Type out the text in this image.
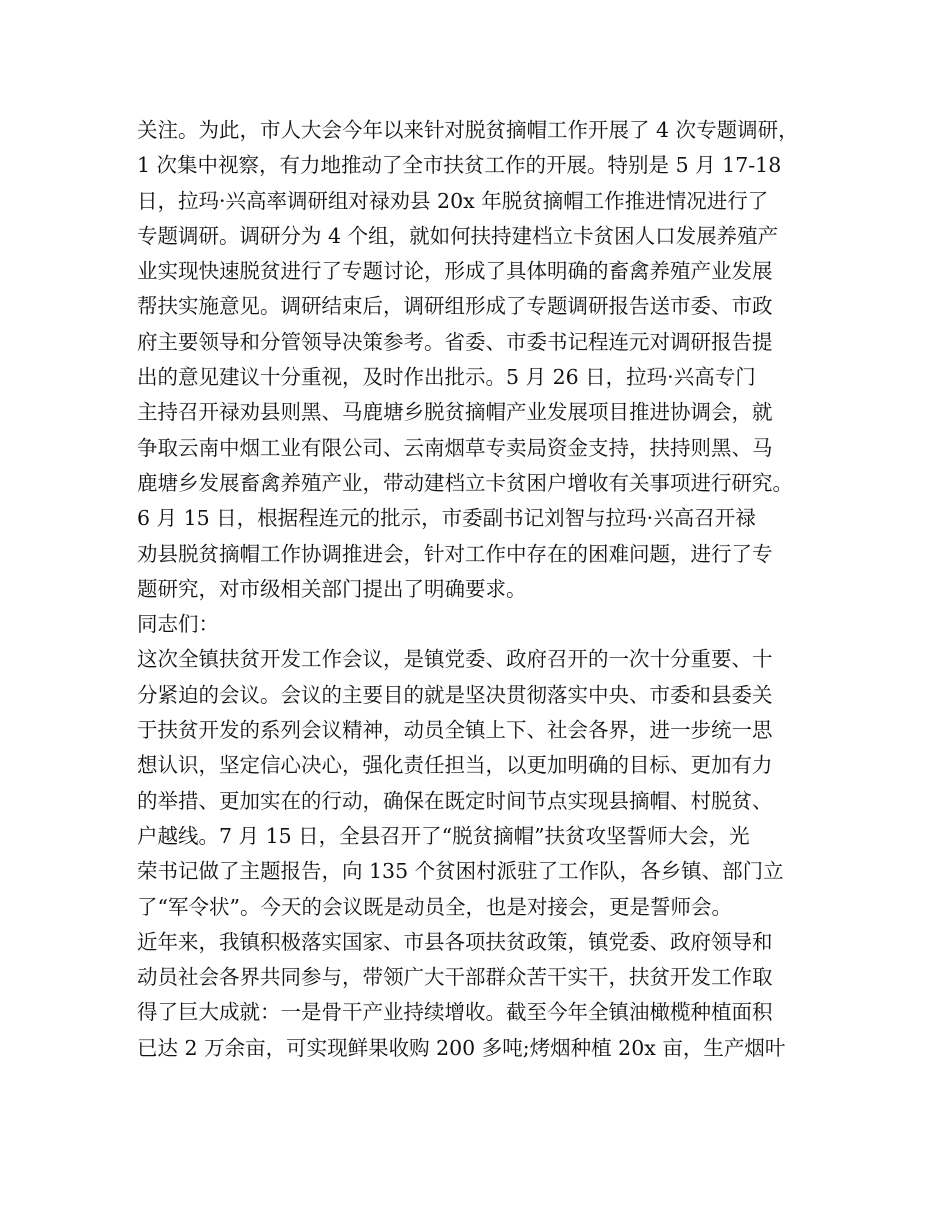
关注。为此，市人大会今年以来针对脱贫摘帽工作开展了 4 次专题调研，
1 次集中视察，有力地推动了全市扶贫工作的开展。特别是 5 月 17-18
日，拉玛·兴高率调研组对禄劝县 20x 年脱贫摘帽工作推进情况进行了
专题调研。调研分为 4 个组，就如何扶持建档立卡贫困人口发展养殖产
业实现快速脱贫进行了专题讨论，形成了具体明确的畜禽养殖产业发展
帮扶实施意见。调研结束后，调研组形成了专题调研报告送市委、市政
府主要领导和分管领导决策参考。省委、市委书记程连元对调研报告提
出的意见建议十分重视，及时作出批示。5 月 26 日，拉玛·兴高专门
主持召开禄劝县则黑、马鹿塘乡脱贫摘帽产业发展项目推进协调会，就
争取云南中烟工业有限公司、云南烟草专卖局资金支持，扶持则黑、马
鹿塘乡发展畜禽养殖产业，带动建档立卡贫困户增收有关事项进行研究。
6 月 15 日，根据程连元的批示，市委副书记刘智与拉玛·兴高召开禄
劝县脱贫摘帽工作协调推进会，针对工作中存在的困难问题，进行了专
题研究，对市级相关部门提出了明确要求。
同志们：
这次全镇扶贫开发工作会议，是镇党委、政府召开的一次十分重要、十
分紧迫的会议。会议的主要目的就是坚决贯彻落实中央、市委和县委关
于扶贫开发的系列会议精神，动员全镇上下、社会各界，进一步统一思
想认识，坚定信心决心，强化责任担当，以更加明确的目标、更加有力
的举措、更加实在的行动，确保在既定时间节点实现县摘帽、村脱贫、
户越线。7 月 15 日，全县召开了“脱贫摘帽”扶贫攻坚誓师大会，光
荣书记做了主题报告，向 135 个贫困村派驻了工作队，各乡镇、部门立
了“军令状”。今天的会议既是动员全，也是对接会，更是誓师会。
近年来，我镇积极落实国家、市县各项扶贫政策，镇党委、政府领导和
动员社会各界共同参与，带领广大干部群众苦干实干，扶贫开发工作取
得了巨大成就：一是骨干产业持续增收。截至今年全镇油橄榄种植面积
已达 2 万余亩，可实现鲜果收购 200 多吨;烤烟种植 20x 亩，生产烟叶
